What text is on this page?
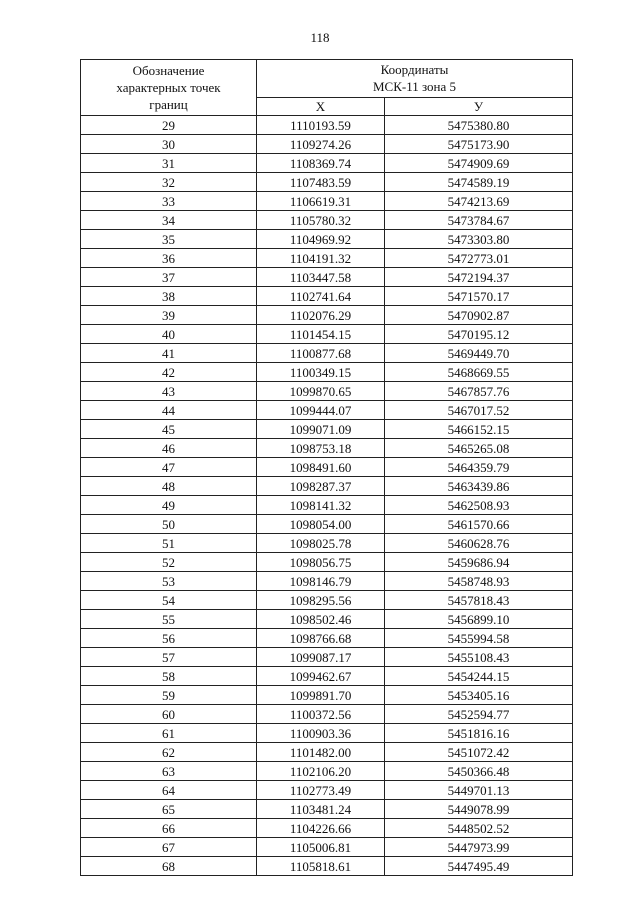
118
Обозначение
характерных точек
границ	Координаты
МСК-11 зона 5	

	Х	У
29	1110193.59	5475380.80
30	1109274.26	5475173.90
31	1108369.74	5474909.69
32	1107483.59	5474589.19
33	1106619.31	5474213.69
34	1105780.32	5473784.67
35	1104969.92	5473303.80
36	1104191.32	5472773.01
37	1103447.58	5472194.37
38	1102741.64	5471570.17
39	1102076.29	5470902.87
40	1101454.15	5470195.12
41	1100877.68	5469449.70
42	1100349.15	5468669.55
43	1099870.65	5467857.76
44	1099444.07	5467017.52
45	1099071.09	5466152.15
46	1098753.18	5465265.08
47	1098491.60	5464359.79
48	1098287.37	5463439.86
49	1098141.32	5462508.93
50	1098054.00	5461570.66
51	1098025.78	5460628.76
52	1098056.75	5459686.94
53	1098146.79	5458748.93
54	1098295.56	5457818.43
55	1098502.46	5456899.10
56	1098766.68	5455994.58
57	1099087.17	5455108.43
58	1099462.67	5454244.15
59	1099891.70	5453405.16
60	1100372.56	5452594.77
61	1100903.36	5451816.16
62	1101482.00	5451072.42
63	1102106.20	5450366.48
64	1102773.49	5449701.13
65	1103481.24	5449078.99
66	1104226.66	5448502.52
67	1105006.81	5447973.99
68	1105818.61	5447495.49
